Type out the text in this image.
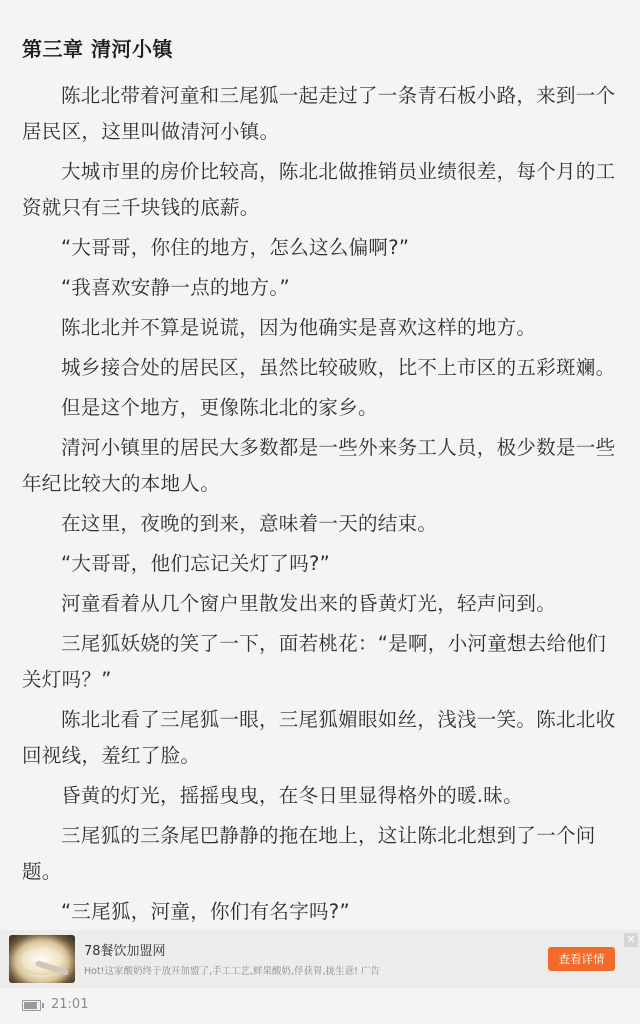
第三章 清河小镇

陈北北带着河童和三尾狐一起走过了一条青石板小路，来到一个居民区，这里叫做清河小镇。

大城市里的房价比较高，陈北北做推销员业绩很差，每个月的工资就只有三千块钱的底薪。

“大哥哥，你住的地方，怎么这么偏啊?”

“我喜欢安静一点的地方。”

陈北北并不算是说谎，因为他确实是喜欢这样的地方。

城乡接合处的居民区，虽然比较破败，比不上市区的五彩斑斓。

但是这个地方，更像陈北北的家乡。

清河小镇里的居民大多数都是一些外来务工人员，极少数是一些年纪比较大的本地人。

在这里，夜晚的到来，意味着一天的结束。

“大哥哥，他们忘记关灯了吗?”

河童看着从几个窗户里散发出来的昏黄灯光，轻声问到。

三尾狐妖娆的笑了一下，面若桃花：“是啊，小河童想去给他们关灯吗？”

陈北北看了三尾狐一眼，三尾狐媚眼如丝，浅浅一笑。陈北北收回视线，羞红了脸。

昏黄的灯光，摇摇曳曳，在冬日里显得格外的暖.昧。

三尾狐的三条尾巴静静的拖在地上，这让陈北北想到了一个问题。

“三尾狐，河童，你们有名字吗?”

78餐饮加盟网
Hot!这家酸奶终于放开加盟了,手工工艺,鲜果酸奶,俘获胃,拢生意! 广告
查看详情
✕
21:01
